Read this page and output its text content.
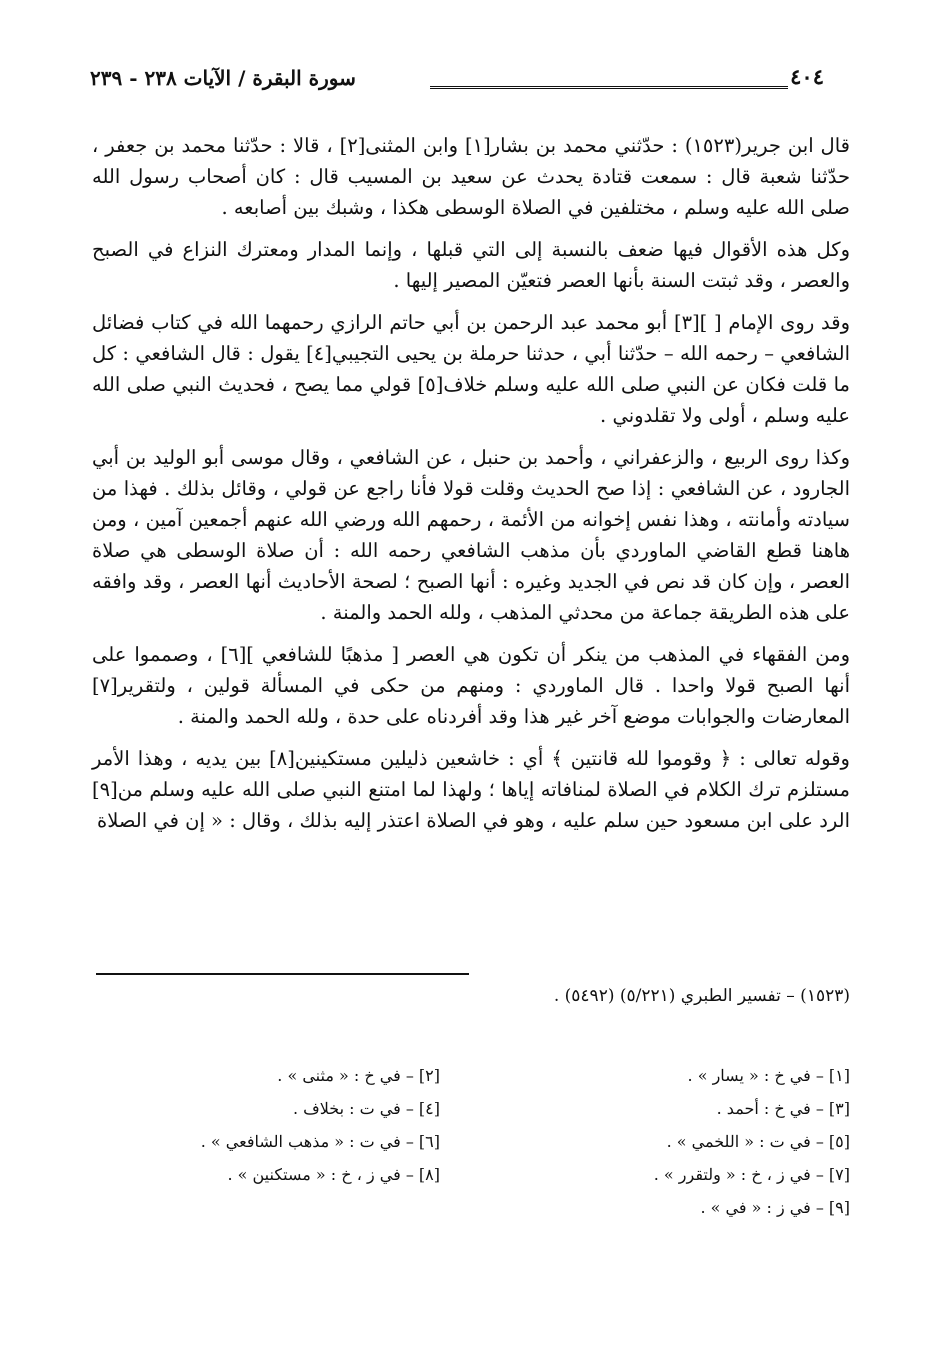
٤٠٤
سورة البقرة / الآيات ٢٣٨ - ٢٣٩

قال ابن جرير(١٥٢٣) : حدّثني محمد بن بشار[١] وابن المثنى[٢] ، قالا : حدّثنا محمد بن جعفر ، حدّثنا شعبة قال : سمعت قتادة يحدث عن سعيد بن المسيب قال : كان أصحاب رسول الله صلى الله عليه وسلم ، مختلفين في الصلاة الوسطى هكذا ، وشبك بين أصابعه .

وكل هذه الأقوال فيها ضعف بالنسبة إلى التي قبلها ، وإنما المدار ومعترك النزاع في الصبح والعصر ، وقد ثبتت السنة بأنها العصر فتعيّن المصير إليها .

وقد روى الإمام [ ][٣] أبو محمد عبد الرحمن بن أبي حاتم الرازي رحمهما الله في كتاب فضائل الشافعي – رحمه الله – حدّثنا أبي ، حدثنا حرملة بن يحيى التجيبي[٤] يقول : قال الشافعي : كل ما قلت فكان عن النبي صلى الله عليه وسلم خلاف[٥] قولي مما يصح ، فحديث النبي صلى الله عليه وسلم ، أولى ولا تقلدوني .

وكذا روى الربيع ، والزعفراني ، وأحمد بن حنبل ، عن الشافعي ، وقال موسى أبو الوليد بن أبي الجارود ، عن الشافعي : إذا صح الحديث وقلت قولا فأنا راجع عن قولي ، وقائل بذلك . فهذا من سيادته وأمانته ، وهذا نفس إخوانه من الأئمة ، رحمهم الله ورضي الله عنهم أجمعين آمين ، ومن هاهنا قطع القاضي الماوردي بأن مذهب الشافعي رحمه الله : أن صلاة الوسطى هي صلاة العصر ، وإن كان قد نص في الجديد وغيره : أنها الصبح ؛ لصحة الأحاديث أنها العصر ، وقد وافقه على هذه الطريقة جماعة من محدثي المذهب ، ولله الحمد والمنة .

ومن الفقهاء في المذهب من ينكر أن تكون هي العصر [ مذهبًا للشافعي ][٦] ، وصمموا على أنها الصبح قولا واحدا . قال الماوردي : ومنهم من حكى في المسألة قولين ، ولتقرير[٧] المعارضات والجوابات موضع آخر غير هذا وقد أفردناه على حدة ، ولله الحمد والمنة .

وقوله تعالى : ﴿ وقوموا لله قانتين ﴾ أي : خاشعين ذليلين مستكينين[٨] بين يديه ، وهذا الأمر مستلزم ترك الكلام في الصلاة لمنافاته إياها ؛ ولهذا لما امتنع النبي صلى الله عليه وسلم من[٩] الرد على ابن مسعود حين سلم عليه ، وهو في الصلاة اعتذر إليه بذلك ، وقال : « إن في الصلاة

(١٥٢٣) – تفسير الطبري (٥/٢٢١) (٥٤٩٢) .
[١] – في خ : « يسار » .
[٣] – في خ : أحمد .
[٥] – في ت : « اللخمي » .
[٧] – في ز ، خ : « ولتقرر » .
[٩] – في ز : « في » .
[٢] – في خ : « مثنى » .
[٤] – في ت : بخلاف .
[٦] – في ت : « مذهب الشافعي » .
[٨] – في ز ، خ : « مستكنين » .
